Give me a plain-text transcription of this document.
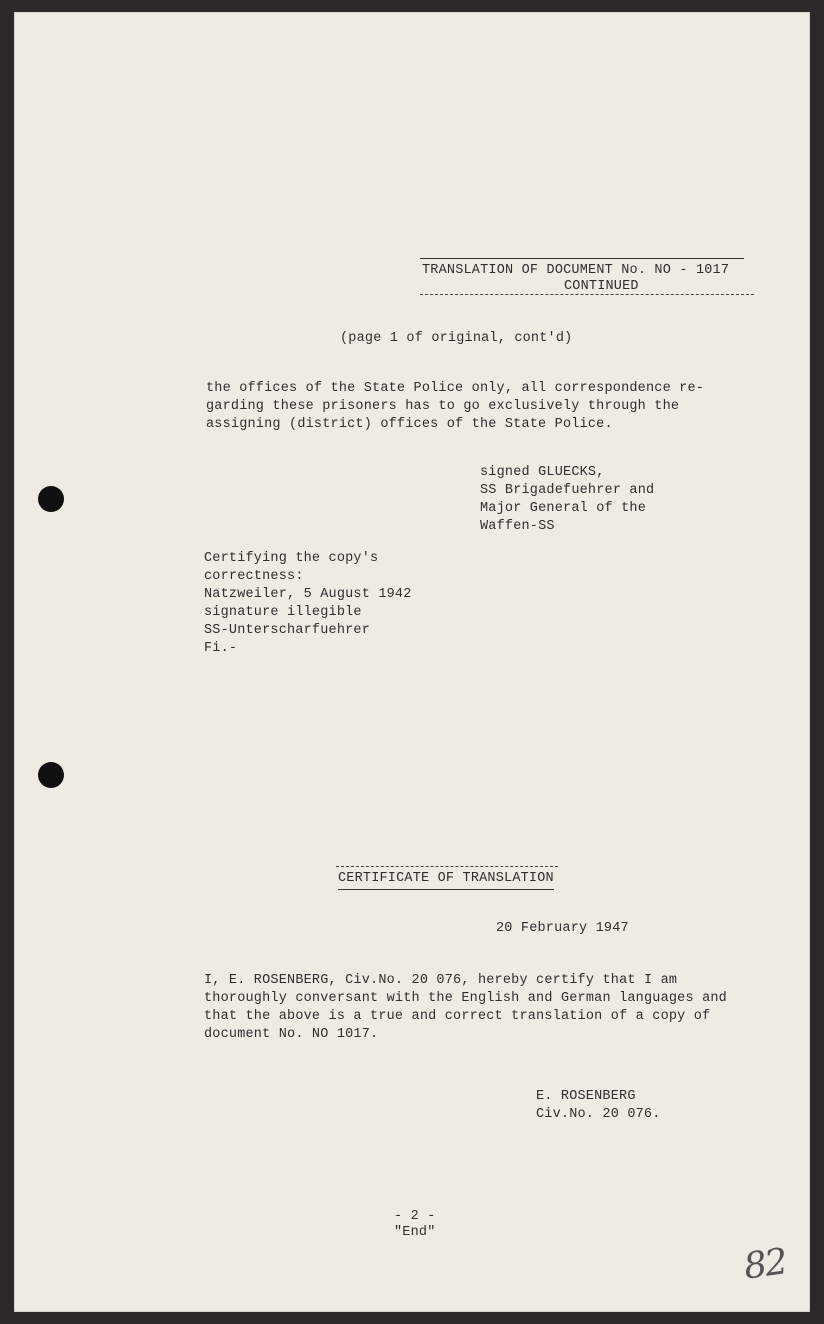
TRANSLATION OF DOCUMENT No. NO - 1017
CONTINUED
(page 1 of original, cont'd)
the offices of the State Police only, all correspondence re-
garding these prisoners has to go exclusively through the
assigning (district) offices of the State Police.
signed GLUECKS,
SS Brigadefuehrer and
Major General of the
Waffen-SS
Certifying the copy's
correctness:
Natzweiler, 5 August 1942
signature illegible
SS-Unterscharfuehrer
Fi.-
CERTIFICATE OF TRANSLATION
20 February 1947
I, E. ROSENBERG, Civ.No. 20 076, hereby certify that I am
thoroughly conversant with the English and German languages and
that the above is a true and correct translation of a copy of
document No. NO 1017.
E. ROSENBERG
Civ.No. 20 076.
- 2 -
"End"
82
